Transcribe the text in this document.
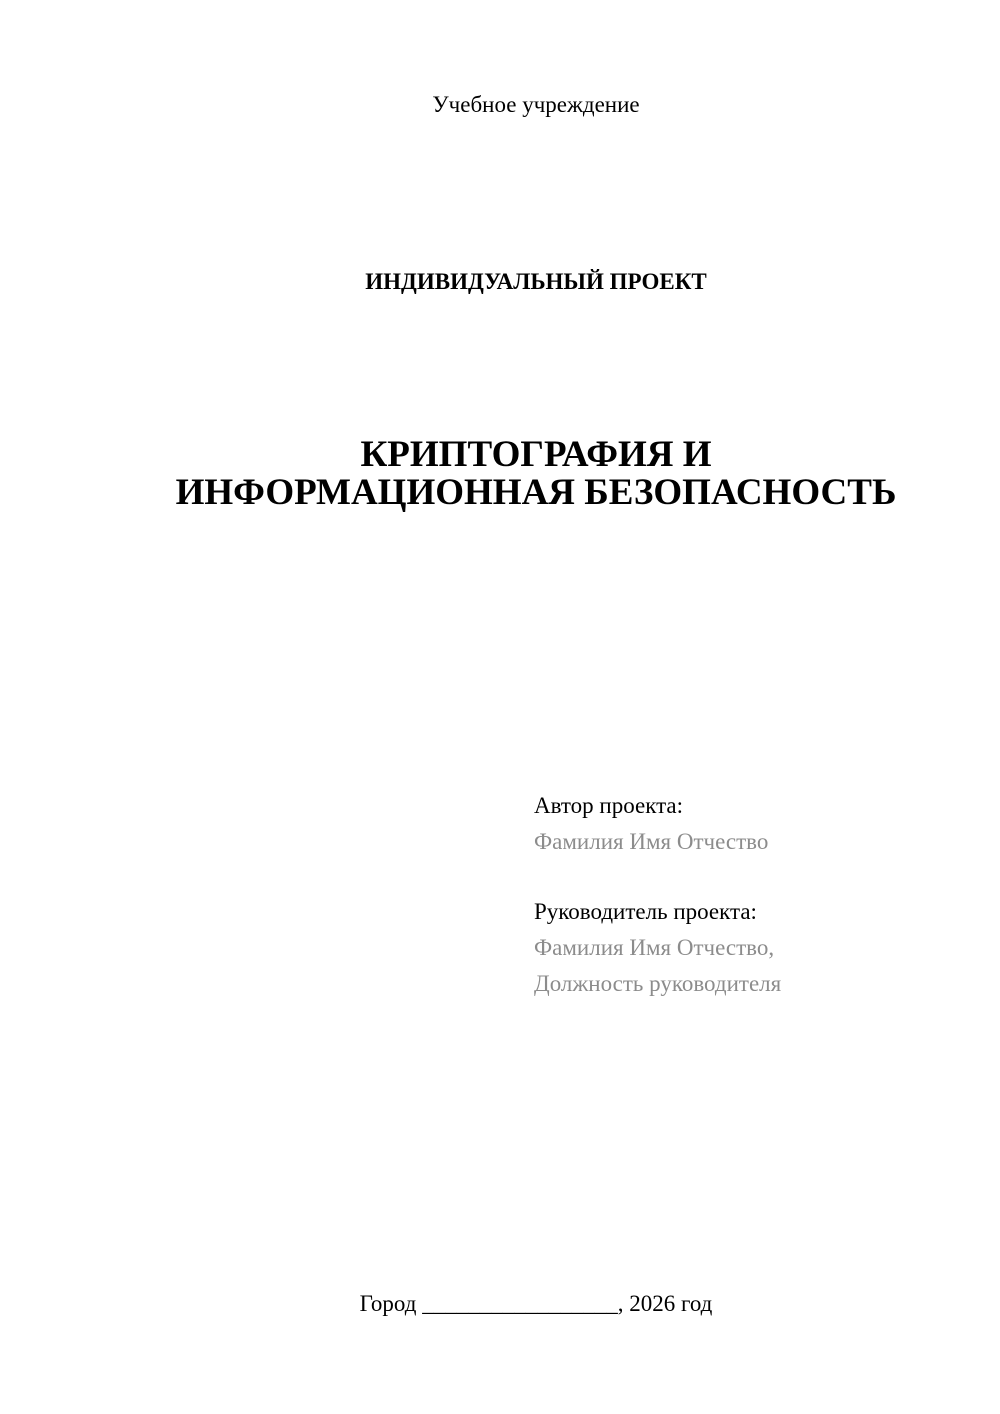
Учебное учреждение
ИНДИВИДУАЛЬНЫЙ ПРОЕКТ
КРИПТОГРАФИЯ И
ИНФОРМАЦИОННАЯ БЕЗОПАСНОСТЬ
Автор проекта:
Фамилия Имя Отчество
Руководитель проекта:
Фамилия Имя Отчество,
Должность руководителя
Город _________________, 2026 год
